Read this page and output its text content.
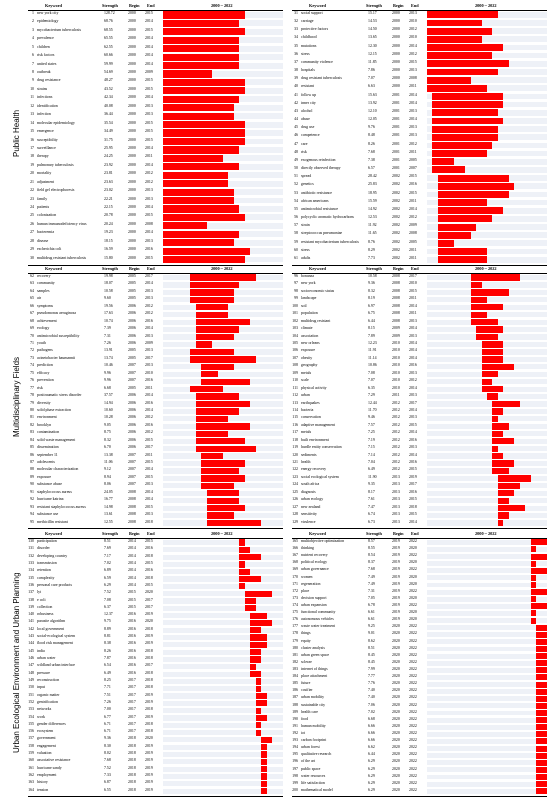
Public Health
Keyword	Strength	Begin End	2000 ~ 2022
1 new york city	128.72	2000 2015
2 epidemiology	68.76	2000 2014
3 mycobacterium tuberculosis	68.55	2000 2015
4 prevalence	65.55	2000 2014
5 children	62.55	2000 2014
6 risk factors	60.66	2000 2014
7 united states	59.99	2000 2014
8 outbreak	54.69	2000 2009
9 drug resistance	48.27	2000 2015
10 strains	43.52	2000 2015
11 infections	42.34	2000 2014
12 identification	40.08	2000 2013
13 infection	36.44	2000 2013
14 molecular epidemiology	35.54	2000 2015
15 emergence	34.49	2000 2015
16 susceptibility	31.75	2000 2015
17 surveillance	25.95	2000 2014
18 therapy	24.25	2000 2011
19 pulmonary tuberculosis	23.92	2000 2014
20 mortality	23.81	2000 2012
21 adjustment	23.63	2000 2012
22 field gel electrophoresis	23.02	2000 2013
23 family	22.21	2000 2013
24 patients	22.15	2000 2014
25 colonization	20.78	2000 2015
26 human immunodeficiency virus	20.24	2000 2008
27 bacteremia	19.23	2000 2014
28 disease	18.15	2000 2013
29 escherichia coli	16.59	2000 2016
30 multidrug resistant tuberculosis	15.80	2000 2015
Keyword	Strength	Begin End	2000 ~ 2022
31 social support	15.17	2000 2013
32 carriage	14.53	2000 2010
33 protective factors	14.50	2000 2012
34 childhood	13.65	2000 2010
35 mutations	12.30	2000 2014
36 stress	12.15	2000 2012
37 community violence	11.85	2000 2015
38 hospitals	7.86	2000 2013
39 drug resistant tuberculosis	7.07	2000 2008
40 resistant	6.63	2000 2011
41 follow up	15.63	2001 2014
42 inner city	13.92	2001 2014
43 alcohol	12.10	2001 2013
44 abuse	12.05	2001 2014
45 drug use	9.76	2001 2013
46 competence	8.48	2001 2013
47 care	8.26	2001 2012
48 risk	7.68	2001 2011
49 exogenous reinfection	7.38	2001 2005
50 directly observed therapy	6.57	2001 2007
51 spread	28.42	2002 2015
52 genetics	25.83	2002 2016
53 antibiotic resistance	18.95	2002 2015
54 african americans	15.59	2002 2011
55 antimicrobial resistance	14.92	2002 2014
56 polycyclic aromatic hydrocarbons	12.53	2002 2012
57 strain	11.92	2002 2009
58 streptococcus pneumoniae	11.65	2002 2008
59 resistant mycobacterium tuberculosis	8.76	2002 2005
60 stress	8.29	2002 2011
61 adults	7.73	2002 2011
Multidisciplinary Fields
Keyword	Strength	Begin End	2000 ~ 2022
62 recovery	19.98	2005 2017
63 community	18.07	2005 2014
64 samples	10.58	2005 2013
65 air	9.60	2005 2013
66 symptoms	19.56	2006 2012
67 pseudomonas aeruginosa	17.63	2006 2012
68 achievement	10.74	2006 2016
69 ecology	7.39	2006 2014
70 antimicrobial susceptibility	7.31	2006 2013
71 youth	7.26	2006 2009
72 pathogens	13.91	2005 2013
73 acinetobacter baumannii	13.74	2005 2017
74 prediction	10.46	2007 2013
75 efficacy	9.96	2007 2010
76 prevention	9.96	2007 2016
77 risk	6.68	2005 2011
78 posttraumatic stress disorder	37.57	2006 2014
79 diversity	14.94	2006 2016
80 solid phase extraction	10.60	2006 2014
81 environment	10.28	2006 2012
82 brooklyn	9.05	2006 2016
83 contamination	8.75	2006 2012
84 solid waste management	8.32	2006 2015
85 dissemination	6.70	2006 2017
86 september 11	13.38	2007 2011
87 adolescents	11.06	2007 2015
88 molecular characterization	9.12	2007 2014
89 exposure	8.94	2007 2015
90 substance abuse	8.06	2007 2013
91 staphylococcus aureus	24.05	2008 2014
92 hurricane katrina	16.77	2008 2014
93 resistant staphylococcus aureus	14.98	2008 2015
94 substance use	13.61	2008 2013
95 methicillin resistant	12.55	2008 2018
Keyword	Strength	Begin End	2000 ~ 2022
96 bonanza	10.58	2008 2017
97 new york	9.36	2008 2010
98 socioeconomic status	8.32	2008 2015
99 landscape	8.19	2008 2011
100 soil	6.97	2008 2014
101 population	6.75	2008 2011
102 multidrug resistant	6.44	2008 2013
103 climate	8.15	2009 2014
104 association	7.89	2009 2013
105 new orleans	12.23	2010 2014
106 exposure	11.91	2010 2014
107 obesity	11.14	2010 2014
108 geography	10.86	2010 2016
109 metals	7.08	2010 2013
110 scale	7.07	2010 2012
111 physical activity	6.35	2010 2014
112 urban	7.29	2011 2013
113 earthquakes	12.44	2012 2017
114 bacteria	11.70	2012 2014
115 conservation	9.46	2012 2013
116 adaptive management	7.57	2012 2015
117 metals	7.25	2012 2014
118 built environment	7.19	2012 2016
119 hurdle entity conservation	7.15	2012 2013
120 sediments	7.14	2012 2014
121 health	7.04	2012 2016
122 energy recovery	6.49	2012 2015
123 social ecological system	11.90	2013 2019
124 south africa	9.35	2013 2017
125 diagnosis	8.17	2013 2016
126 urban ecology	7.61	2013 2015
127 new zealand	7.47	2013 2018
128 sensitivity	6.74	2013 2015
129 virulence	6.73	2013 2014
Urban Ecological Environment and Urban Planning
Keyword	Strength	Begin End	2000 ~ 2022
130 participation	8.51	2014 2015
131 disorder	7.69	2014 2016
132 developing country	7.17	2014 2018
133 transmission	7.02	2014 2015
134 retention	6.89	2014 2016
135 complexity	6.59	2014 2018
136 personal care products	6.29	2014 2015
137 lyt	7.52	2015 2020
138 e coli	7.08	2015 2017
139 collection	6.37	2015 2017
140 robustness	12.37	2016 2019
141 parasite algorithm	9.75	2016 2020
142 local government	8.89	2016 2018
143 social-ecological system	8.81	2016 2019
144 flood risk management	8.38	2016 2019
145 india	8.26	2016 2018
146 urban water	7.87	2016 2018
147 wildland urban interface	6.54	2016 2017
148 pressure	6.49	2016 2018
149 reconstruction	8.25	2017 2018
150 input	7.71	2017 2018
151 organic matter	7.51	2017 2019
152 gentrification	7.26	2017 2019
153 networks	7.00	2017 2018
154 work	6.77	2017 2019
155 gender differences	6.71	2017 2018
156 ecosystem	6.71	2017 2018
157 government	9.36	2018 2020
158 engagement	8.30	2018 2019
159 valuation	8.02	2018 2019
160 associative resistance	7.68	2018 2019
161 hurricane sandy	7.52	2018 2019
162 employment	7.33	2018 2019
163 history	6.87	2018 2019
164 tension	6.55	2018 2019
Keyword	Strength	Begin End	2000 ~ 2022
165 multiobjective optimization	8.57	2019 2022
166 thinking	8.55	2019 2020
167 nutrient recovery	8.54	2019 2022
168 political ecology	8.37	2019 2020
169 urban governance	7.68	2019 2022
170 women	7.49	2019 2020
171 regeneration	7.49	2019 2020
172 place	7.31	2019 2022
173 decision support	7.05	2019 2020
174 urban expansion	6.78	2019 2022
175 functional community	6.61	2019 2020
176 autonomous vehicles	6.61	2019 2020
177 waste water treatment	9.25	2020 2022
178 things	9.01	2020 2022
179 equity	8.62	2020 2022
180 cluster analysis	8.51	2020 2022
181 urban green space	8.45	2020 2022
182 sclerae	8.45	2020 2022
183 internet of things	7.99	2020 2022
184 place attachment	7.77	2020 2022
185 future	7.76	2020 2022
186 cosifier	7.40	2020 2022
187 urban mobility	7.40	2020 2022
188 sustainable city	7.06	2020 2022
189 health care	7.02	2020 2022
190 food	6.68	2020 2022
191 human mobility	6.66	2020 2022
192 iot	6.66	2020 2022
193 carbon footprint	6.66	2020 2022
194 urban forest	6.62	2020 2022
195 qualitative research	6.44	2020 2022
196 of the art	6.29	2020 2022
197 public space	6.29	2020 2022
198 water resources	6.29	2020 2022
199 life satisfaction	6.29	2020 2022
200 mathematical model	6.29	2020 2022
